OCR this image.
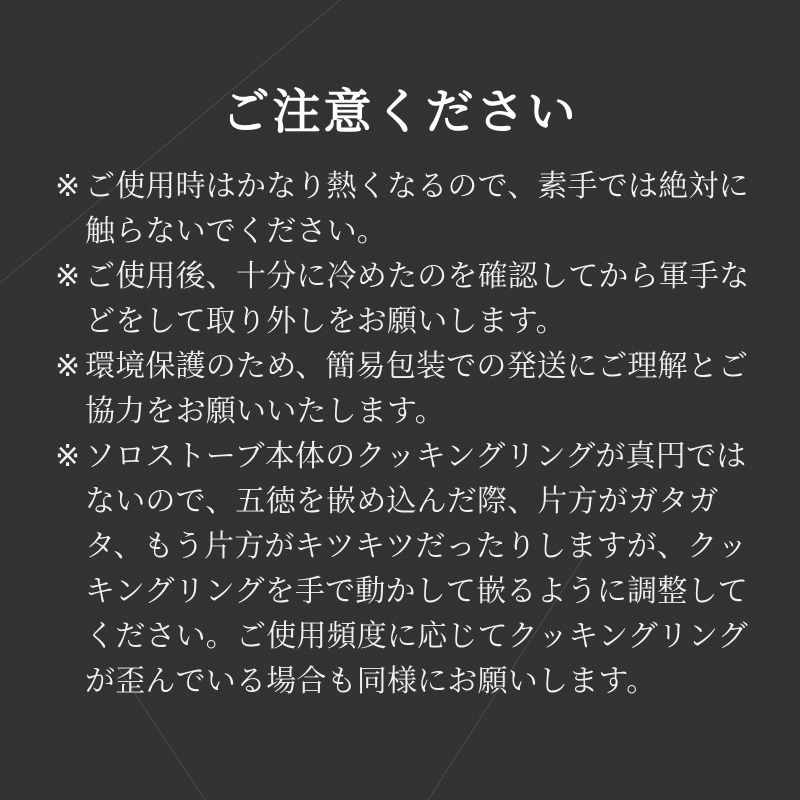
ご注意ください
※ ご使用時はかなり熱くなるので、素手では絶対に触らないでください。
※ ご使用後、十分に冷めたのを確認してから軍手などをして取り外しをお願いします。
※ 環境保護のため、簡易包装での発送にご理解とご協力をお願いいたします。
※ ソロストーブ本体のクッキングリングが真円ではないので、五徳を嵌め込んだ際、片方がガタガタ、もう片方がキツキツだったりしますが、クッキングリングを手で動かして嵌るように調整してください。ご使用頻度に応じてクッキングリングが歪んでいる場合も同様にお願いします。
